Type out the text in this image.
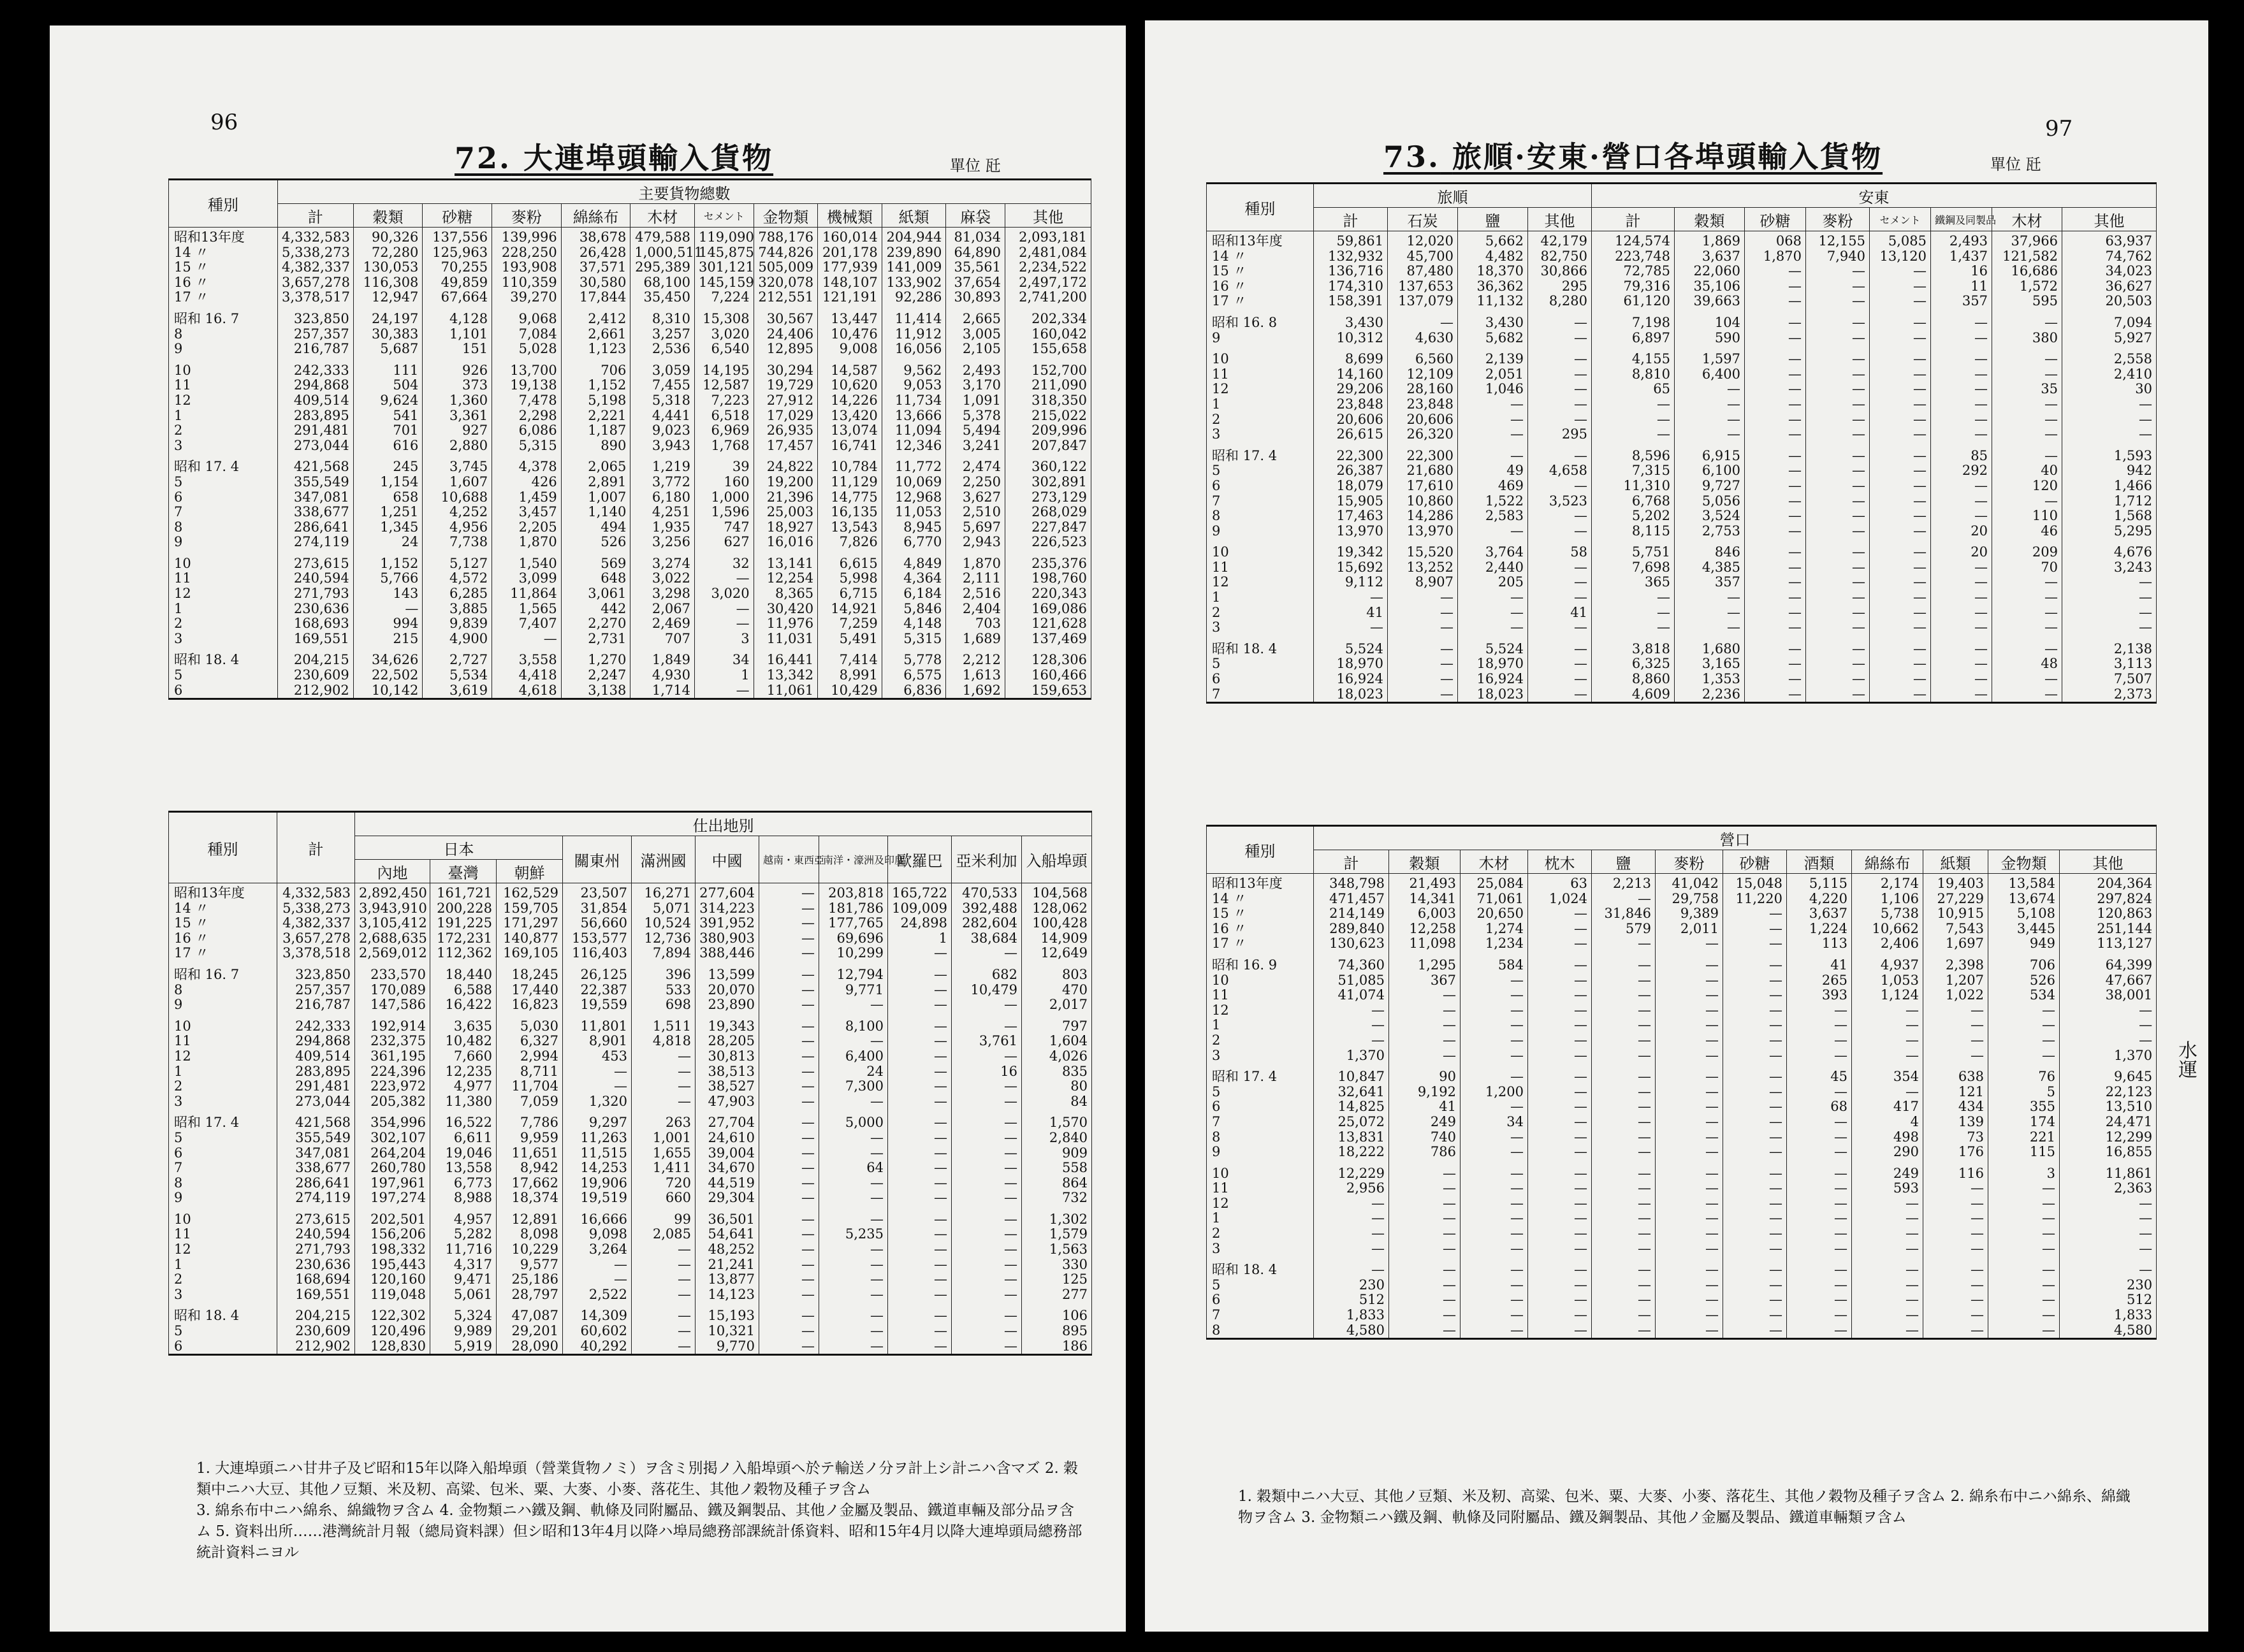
96
72. 大連埠頭輸入貨物	單位 瓩
種別	主要貨物總數											
	計	穀類	砂糖	麥粉	綿絲布	木材	セメント	金物類	機械類	紙類	麻袋	其他
昭和13年度	4,332,583	90,326	137,556	139,996	38,678	479,588	119,090	788,176	160,014	204,944	81,034	2,093,181
14 〃	5,338,273	72,280	125,963	228,250	26,428	1,000,511	145,875	744,826	201,178	239,890	64,890	2,481,084
15 〃	4,382,337	130,053	70,255	193,908	37,571	295,389	301,121	505,009	177,939	141,009	35,561	2,234,522
16 〃	3,657,278	116,308	49,859	110,359	30,580	68,100	145,159	320,078	148,107	133,902	37,654	2,497,172
17 〃	3,378,517	12,947	67,664	39,270	17,844	35,450	7,224	212,551	121,191	92,286	30,893	2,741,200

昭和 16. 7	323,850	24,197	4,128	9,068	2,412	8,310	15,308	30,567	13,447	11,414	2,665	202,334
8	257,357	30,383	1,101	7,084	2,661	3,257	3,020	24,406	10,476	11,912	3,005	160,042
9	216,787	5,687	151	5,028	1,123	2,536	6,540	12,895	9,008	16,056	2,105	155,658

10	242,333	111	926	13,700	706	3,059	14,195	30,294	14,587	9,562	2,493	152,700
11	294,868	504	373	19,138	1,152	7,455	12,587	19,729	10,620	9,053	3,170	211,090
12	409,514	9,624	1,360	7,478	5,198	5,318	7,223	27,912	14,226	11,734	1,091	318,350
1	283,895	541	3,361	2,298	2,221	4,441	6,518	17,029	13,420	13,666	5,378	215,022
2	291,481	701	927	6,086	1,187	9,023	6,969	26,935	13,074	11,094	5,494	209,996
3	273,044	616	2,880	5,315	890	3,943	1,768	17,457	16,741	12,346	3,241	207,847

昭和 17. 4	421,568	245	3,745	4,378	2,065	1,219	39	24,822	10,784	11,772	2,474	360,122
5	355,549	1,154	1,607	426	2,891	3,772	160	19,200	11,129	10,069	2,250	302,891
6	347,081	658	10,688	1,459	1,007	6,180	1,000	21,396	14,775	12,968	3,627	273,129
7	338,677	1,251	4,252	3,457	1,140	4,251	1,596	25,003	16,135	11,053	2,510	268,029
8	286,641	1,345	4,956	2,205	494	1,935	747	18,927	13,543	8,945	5,697	227,847
9	274,119	24	7,738	1,870	526	3,256	627	16,016	7,826	6,770	2,943	226,523

10	273,615	1,152	5,127	1,540	569	3,274	32	13,141	6,615	4,849	1,870	235,376
11	240,594	5,766	4,572	3,099	648	3,022	—	12,254	5,998	4,364	2,111	198,760
12	271,793	143	6,285	11,864	3,061	3,298	3,020	8,365	6,715	6,184	2,516	220,343
1	230,636	—	3,885	1,565	442	2,067	—	30,420	14,921	5,846	2,404	169,086
2	168,693	994	9,839	7,407	2,270	2,469	—	11,976	7,259	4,148	703	121,628
3	169,551	215	4,900	—	2,731	707	3	11,031	5,491	5,315	1,689	137,469

昭和 18. 4	204,215	34,626	2,727	3,558	1,270	1,849	34	16,441	7,414	5,778	2,212	128,306
5	230,609	22,502	5,534	4,418	2,247	4,930	1	13,342	8,991	6,575	1,613	160,466
6	212,902	10,142	3,619	4,618	3,138	1,714	—	11,061	10,429	6,836	1,692	159,653
種別	計	仕出地別										
		日本			關東州	滿洲國	中國	越南・東西亞	南洋・濠洲及印度	歐羅巴	亞米利加	入船埠頭
		內地	臺灣	朝鮮								
昭和13年度	4,332,583	2,892,450	161,721	162,529	23,507	16,271	277,604	—	203,818	165,722	470,533	104,568
14 〃	5,338,273	3,943,910	200,228	159,705	31,854	5,071	314,223	—	181,786	109,009	392,488	128,062
15 〃	4,382,337	3,105,412	191,225	171,297	56,660	10,524	391,952	—	177,765	24,898	282,604	100,428
16 〃	3,657,278	2,688,635	172,231	140,877	153,577	12,736	380,903	—	69,696	1	38,684	14,909
17 〃	3,378,518	2,569,012	112,362	169,105	116,403	7,894	388,446	—	10,299	—	—	12,649

昭和 16. 7	323,850	233,570	18,440	18,245	26,125	396	13,599	—	12,794	—	682	803
8	257,357	170,089	6,588	17,440	22,387	533	20,070	—	9,771	—	10,479	470
9	216,787	147,586	16,422	16,823	19,559	698	23,890	—	—	—	—	2,017

10	242,333	192,914	3,635	5,030	11,801	1,511	19,343	—	8,100	—	—	797
11	294,868	232,375	10,482	6,327	8,901	4,818	28,205	—	—	—	3,761	1,604
12	409,514	361,195	7,660	2,994	453	—	30,813	—	6,400	—	—	4,026
1	283,895	224,396	12,235	8,711	—	—	38,513	—	24	—	16	835
2	291,481	223,972	4,977	11,704	—	—	38,527	—	7,300	—	—	80
3	273,044	205,382	11,380	7,059	1,320	—	47,903	—	—	—	—	84

昭和 17. 4	421,568	354,996	16,522	7,786	9,297	263	27,704	—	5,000	—	—	1,570
5	355,549	302,107	6,611	9,959	11,263	1,001	24,610	—	—	—	—	2,840
6	347,081	264,204	19,046	11,651	11,515	1,655	39,004	—	—	—	—	909
7	338,677	260,780	13,558	8,942	14,253	1,411	34,670	—	64	—	—	558
8	286,641	197,961	6,773	17,662	19,906	720	44,519	—	—	—	—	864
9	274,119	197,274	8,988	18,374	19,519	660	29,304	—	—	—	—	732

10	273,615	202,501	4,957	12,891	16,666	99	36,501	—	—	—	—	1,302
11	240,594	156,206	5,282	8,098	9,098	2,085	54,641	—	5,235	—	—	1,579
12	271,793	198,332	11,716	10,229	3,264	—	48,252	—	—	—	—	1,563
1	230,636	195,443	4,317	9,577	—	—	21,241	—	—	—	—	330
2	168,694	120,160	9,471	25,186	—	—	13,877	—	—	—	—	125
3	169,551	119,048	5,061	28,797	2,522	—	14,123	—	—	—	—	277

昭和 18. 4	204,215	122,302	5,324	47,087	14,309	—	15,193	—	—	—	—	106
5	230,609	120,496	9,989	29,201	60,602	—	10,321	—	—	—	—	895
6	212,902	128,830	5,919	28,090	40,292	—	9,770	—	—	—	—	186

1. 大連埠頭ニハ甘井子及ビ昭和15年以降入船埠頭（營業貨物ノミ）ヲ含ミ別掲ノ入船埠頭ヘ於テ輸送ノ分ヲ計上シ計ニハ含マズ 2. 穀類中ニハ大豆、其他ノ豆類、米及籾、高粱、包米、粟、大麥、小麥、落花生、其他ノ穀物及種子ヲ含ム

3. 綿糸布中ニハ綿糸、綿織物ヲ含ム 4. 金物類ニハ鐵及鋼、軌條及同附屬品、鐵及鋼製品、其他ノ金屬及製品、鐵道車輛及部分品ヲ含ム 5. 資料出所……港灣統計月報（總局資料課）但シ昭和13年4月以降ハ埠局總務部課統計係資料、昭和15年4月以降大連埠頭局總務部統計資料ニヨル

97
73. 旅順·安東·營口各埠頭輸入貨物	單位 瓩
水運
種別	旅順				安東							
	計	石炭	鹽	其他	計	穀類	砂糖	麥粉	セメント	鐵鋼及同製品	木材	其他
昭和13年度	59,861	12,020	5,662	42,179	124,574	1,869	068	12,155	5,085	2,493	37,966	63,937
14 〃	132,932	45,700	4,482	82,750	223,748	3,637	1,870	7,940	13,120	1,437	121,582	74,762
15 〃	136,716	87,480	18,370	30,866	72,785	22,060	—	—	—	16	16,686	34,023
16 〃	174,310	137,653	36,362	295	79,316	35,106	—	—	—	11	1,572	36,627
17 〃	158,391	137,079	11,132	8,280	61,120	39,663	—	—	—	357	595	20,503

昭和 16. 8	3,430	—	3,430	—	7,198	104	—	—	—	—	—	7,094
9	10,312	4,630	5,682	—	6,897	590	—	—	—	—	380	5,927

10	8,699	6,560	2,139	—	4,155	1,597	—	—	—	—	—	2,558
11	14,160	12,109	2,051	—	8,810	6,400	—	—	—	—	—	2,410
12	29,206	28,160	1,046	—	65	—	—	—	—	—	35	30
1	23,848	23,848	—	—	—	—	—	—	—	—	—	—
2	20,606	20,606	—	—	—	—	—	—	—	—	—	—
3	26,615	26,320	—	295	—	—	—	—	—	—	—	—

昭和 17. 4	22,300	22,300	—	—	8,596	6,915	—	—	—	85	—	1,593
5	26,387	21,680	49	4,658	7,315	6,100	—	—	—	292	40	942
6	18,079	17,610	469	—	11,310	9,727	—	—	—	—	120	1,466
7	15,905	10,860	1,522	3,523	6,768	5,056	—	—	—	—	—	1,712
8	17,463	14,286	2,583	—	5,202	3,524	—	—	—	—	110	1,568
9	13,970	13,970	—	—	8,115	2,753	—	—	—	20	46	5,295

10	19,342	15,520	3,764	58	5,751	846	—	—	—	20	209	4,676
11	15,692	13,252	2,440	—	7,698	4,385	—	—	—	—	70	3,243
12	9,112	8,907	205	—	365	357	—	—	—	—	—	—
1	—	—	—	—	—	—	—	—	—	—	—	—
2	41	—	—	41	—	—	—	—	—	—	—	—
3	—	—	—	—	—	—	—	—	—	—	—	—

昭和 18. 4	5,524	—	5,524	—	3,818	1,680	—	—	—	—	—	2,138
5	18,970	—	18,970	—	6,325	3,165	—	—	—	—	48	3,113
6	16,924	—	16,924	—	8,860	1,353	—	—	—	—	—	7,507
7	18,023	—	18,023	—	4,609	2,236	—	—	—	—	—	2,373
種別	營口											
	計	穀類	木材	枕木	鹽	麥粉	砂糖	酒類	綿絲布	紙類	金物類	其他
昭和13年度	348,798	21,493	25,084	63	2,213	41,042	15,048	5,115	2,174	19,403	13,584	204,364
14 〃	471,457	14,341	71,061	1,024	—	29,758	11,220	4,220	1,106	27,229	13,674	297,824
15 〃	214,149	6,003	20,650	—	31,846	9,389	—	3,637	5,738	10,915	5,108	120,863
16 〃	289,840	12,258	1,274	—	579	2,011	—	1,224	10,662	7,543	3,445	251,144
17 〃	130,623	11,098	1,234	—	—	—	—	113	2,406	1,697	949	113,127

昭和 16. 9	74,360	1,295	584	—	—	—	—	41	4,937	2,398	706	64,399
10	51,085	367	—	—	—	—	—	265	1,053	1,207	526	47,667
11	41,074	—	—	—	—	—	—	393	1,124	1,022	534	38,001
12	—	—	—	—	—	—	—	—	—	—	—	—
1	—	—	—	—	—	—	—	—	—	—	—	—
2	—	—	—	—	—	—	—	—	—	—	—	—
3	1,370	—	—	—	—	—	—	—	—	—	—	1,370

昭和 17. 4	10,847	90	—	—	—	—	—	45	354	638	76	9,645
5	32,641	9,192	1,200	—	—	—	—	—	—	121	5	22,123
6	14,825	41	—	—	—	—	—	68	417	434	355	13,510
7	25,072	249	34	—	—	—	—	—	4	139	174	24,471
8	13,831	740	—	—	—	—	—	—	498	73	221	12,299
9	18,222	786	—	—	—	—	—	—	290	176	115	16,855

10	12,229	—	—	—	—	—	—	—	249	116	3	11,861
11	2,956	—	—	—	—	—	—	—	593	—	—	2,363
12	—	—	—	—	—	—	—	—	—	—	—	—
1	—	—	—	—	—	—	—	—	—	—	—	—
2	—	—	—	—	—	—	—	—	—	—	—	—
3	—	—	—	—	—	—	—	—	—	—	—	—

昭和 18. 4	—	—	—	—	—	—	—	—	—	—	—	—
5	230	—	—	—	—	—	—	—	—	—	—	230
6	512	—	—	—	—	—	—	—	—	—	—	512
7	1,833	—	—	—	—	—	—	—	—	—	—	1,833
8	4,580	—	—	—	—	—	—	—	—	—	—	4,580

1. 穀類中ニハ大豆、其他ノ豆類、米及籾、高粱、包米、粟、大麥、小麥、落花生、其他ノ穀物及種子ヲ含ム 2. 綿糸布中ニハ綿糸、綿織物ヲ含ム 3. 金物類ニハ鐵及鋼、軌條及同附屬品、鐵及鋼製品、其他ノ金屬及製品、鐵道車輛類ヲ含ム
